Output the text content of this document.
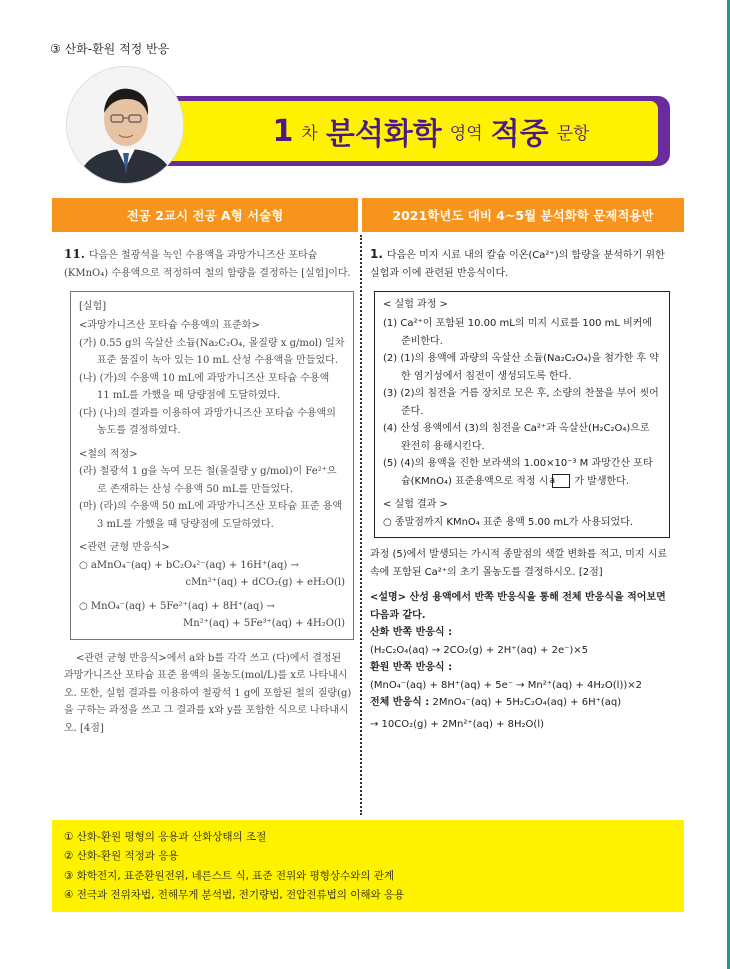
③ 산화-환원 적정 반응
1 차 분석화학 영역 적중 문항
전공 2교시 전공 A형 서술형	2021학년도 대비 4~5월 분석화학 문제적용반

11. 다음은 철광석을 녹인 수용액을 과망가니즈산 포타슘(KMnO₄) 수용액으로 적정하여 철의 함량을 결정하는 [실험]이다.

[실험]

<과망가니즈산 포타슘 수용액의 표준화>

(가) 0.55 g의 옥살산 소듐(Na₂C₂O₄, 몰질량 x g/mol) 일차 표준 물질이 녹아 있는 10 mL 산성 수용액을 만들었다.

(나) (가)의 수용액 10 mL에 과망가니즈산 포타슘 수용액 11 mL를 가했을 때 당량점에 도달하였다.

(다) (나)의 결과를 이용하여 과망가니즈산 포타슘 수용액의 농도를 결정하였다.

<철의 적정>

(라) 철광석 1 g을 녹여 모든 철(몰질량 y g/mol)이 Fe²⁺으로 존재하는 산성 수용액 50 mL를 만들었다.

(마) (라)의 수용액 50 mL에 과망가니즈산 포타슘 표준 용액 3 mL를 가했을 때 당량점에 도달하였다.

<관련 균형 반응식>

○ aMnO₄⁻(aq) + bC₂O₄²⁻(aq) + 16H⁺(aq) →

cMn²⁺(aq) + dCO₂(g) + eH₂O(l)

○ MnO₄⁻(aq) + 5Fe²⁺(aq) + 8H⁺(aq) →

Mn²⁺(aq) + 5Fe³⁺(aq) + 4H₂O(l)

<관련 균형 반응식>에서 a와 b를 각각 쓰고 (다)에서 결정된 과망가니즈산 포타슘 표준 용액의 몰농도(mol/L)를 x로 나타내시오. 또한, 실험 결과를 이용하여 철광석 1 g에 포함된 철의 질량(g)을 구하는 과정을 쓰고 그 결과를 x와 y를 포함한 식으로 나타내시오. [4점]

1. 다음은 미지 시료 내의 칼슘 이온(Ca²⁺)의 함량을 분석하기 위한 실험과 이에 관련된 반응식이다.

< 실험 과정 >

(1) Ca²⁺이 포함된 10.00 mL의 미지 시료를 100 mL 비커에 준비한다.

(2) (1)의 용액에 과량의 옥살산 소듐(Na₂C₂O₄)을 첨가한 후 약한 염기성에서 침전이 생성되도록 한다.

(3) (2)의 침전을 거름 장치로 모은 후, 소량의 찬물을 부어 씻어 준다.

(4) 산성 용액에서 (3)의 침전을 Ca²⁺과 옥살산(H₂C₂O₄)으로 완전히 용해시킨다.

(5) (4)의 용액을 진한 보라색의 1.00×10⁻³ M 과망간산 포타슘(KMnO₄) 표준용액으로 적정 시a 가 발생한다.

< 실험 결과 >

○ 종말점까지 KMnO₄ 표준 용액 5.00 mL가 사용되었다.

과정 (5)에서 발생되는 가시적 종말점의 색깔 변화를 적고, 미지 시료 속에 포함된 Ca²⁺의 초기 몰농도를 결정하시오. [2점]

<설명> 산성 용액에서 반쪽 반응식을 통해 전체 반응식을 적어보면 다음과 같다.

산화 반쪽 반응식 :

(H₂C₂O₄(aq) → 2CO₂(g) + 2H⁺(aq) + 2e⁻)×5

환원 반쪽 반응식 :

(MnO₄⁻(aq) + 8H⁺(aq) + 5e⁻ → Mn²⁺(aq) + 4H₂O(l))×2

전체 반응식 : 2MnO₄⁻(aq) + 5H₂C₂O₄(aq) + 6H⁺(aq)

→ 10CO₂(g) + 2Mn²⁺(aq) + 8H₂O(l)

① 산화-환원 평형의 응용과 산화상태의 조절

② 산화-환원 적정과 응용

③ 화학전지, 표준환원전위, 네른스트 식, 표준 전위와 평형상수와의 관계

④ 전극과 전위차법, 전해무게 분석법, 전기량법, 전압전류법의 이해와 응용
